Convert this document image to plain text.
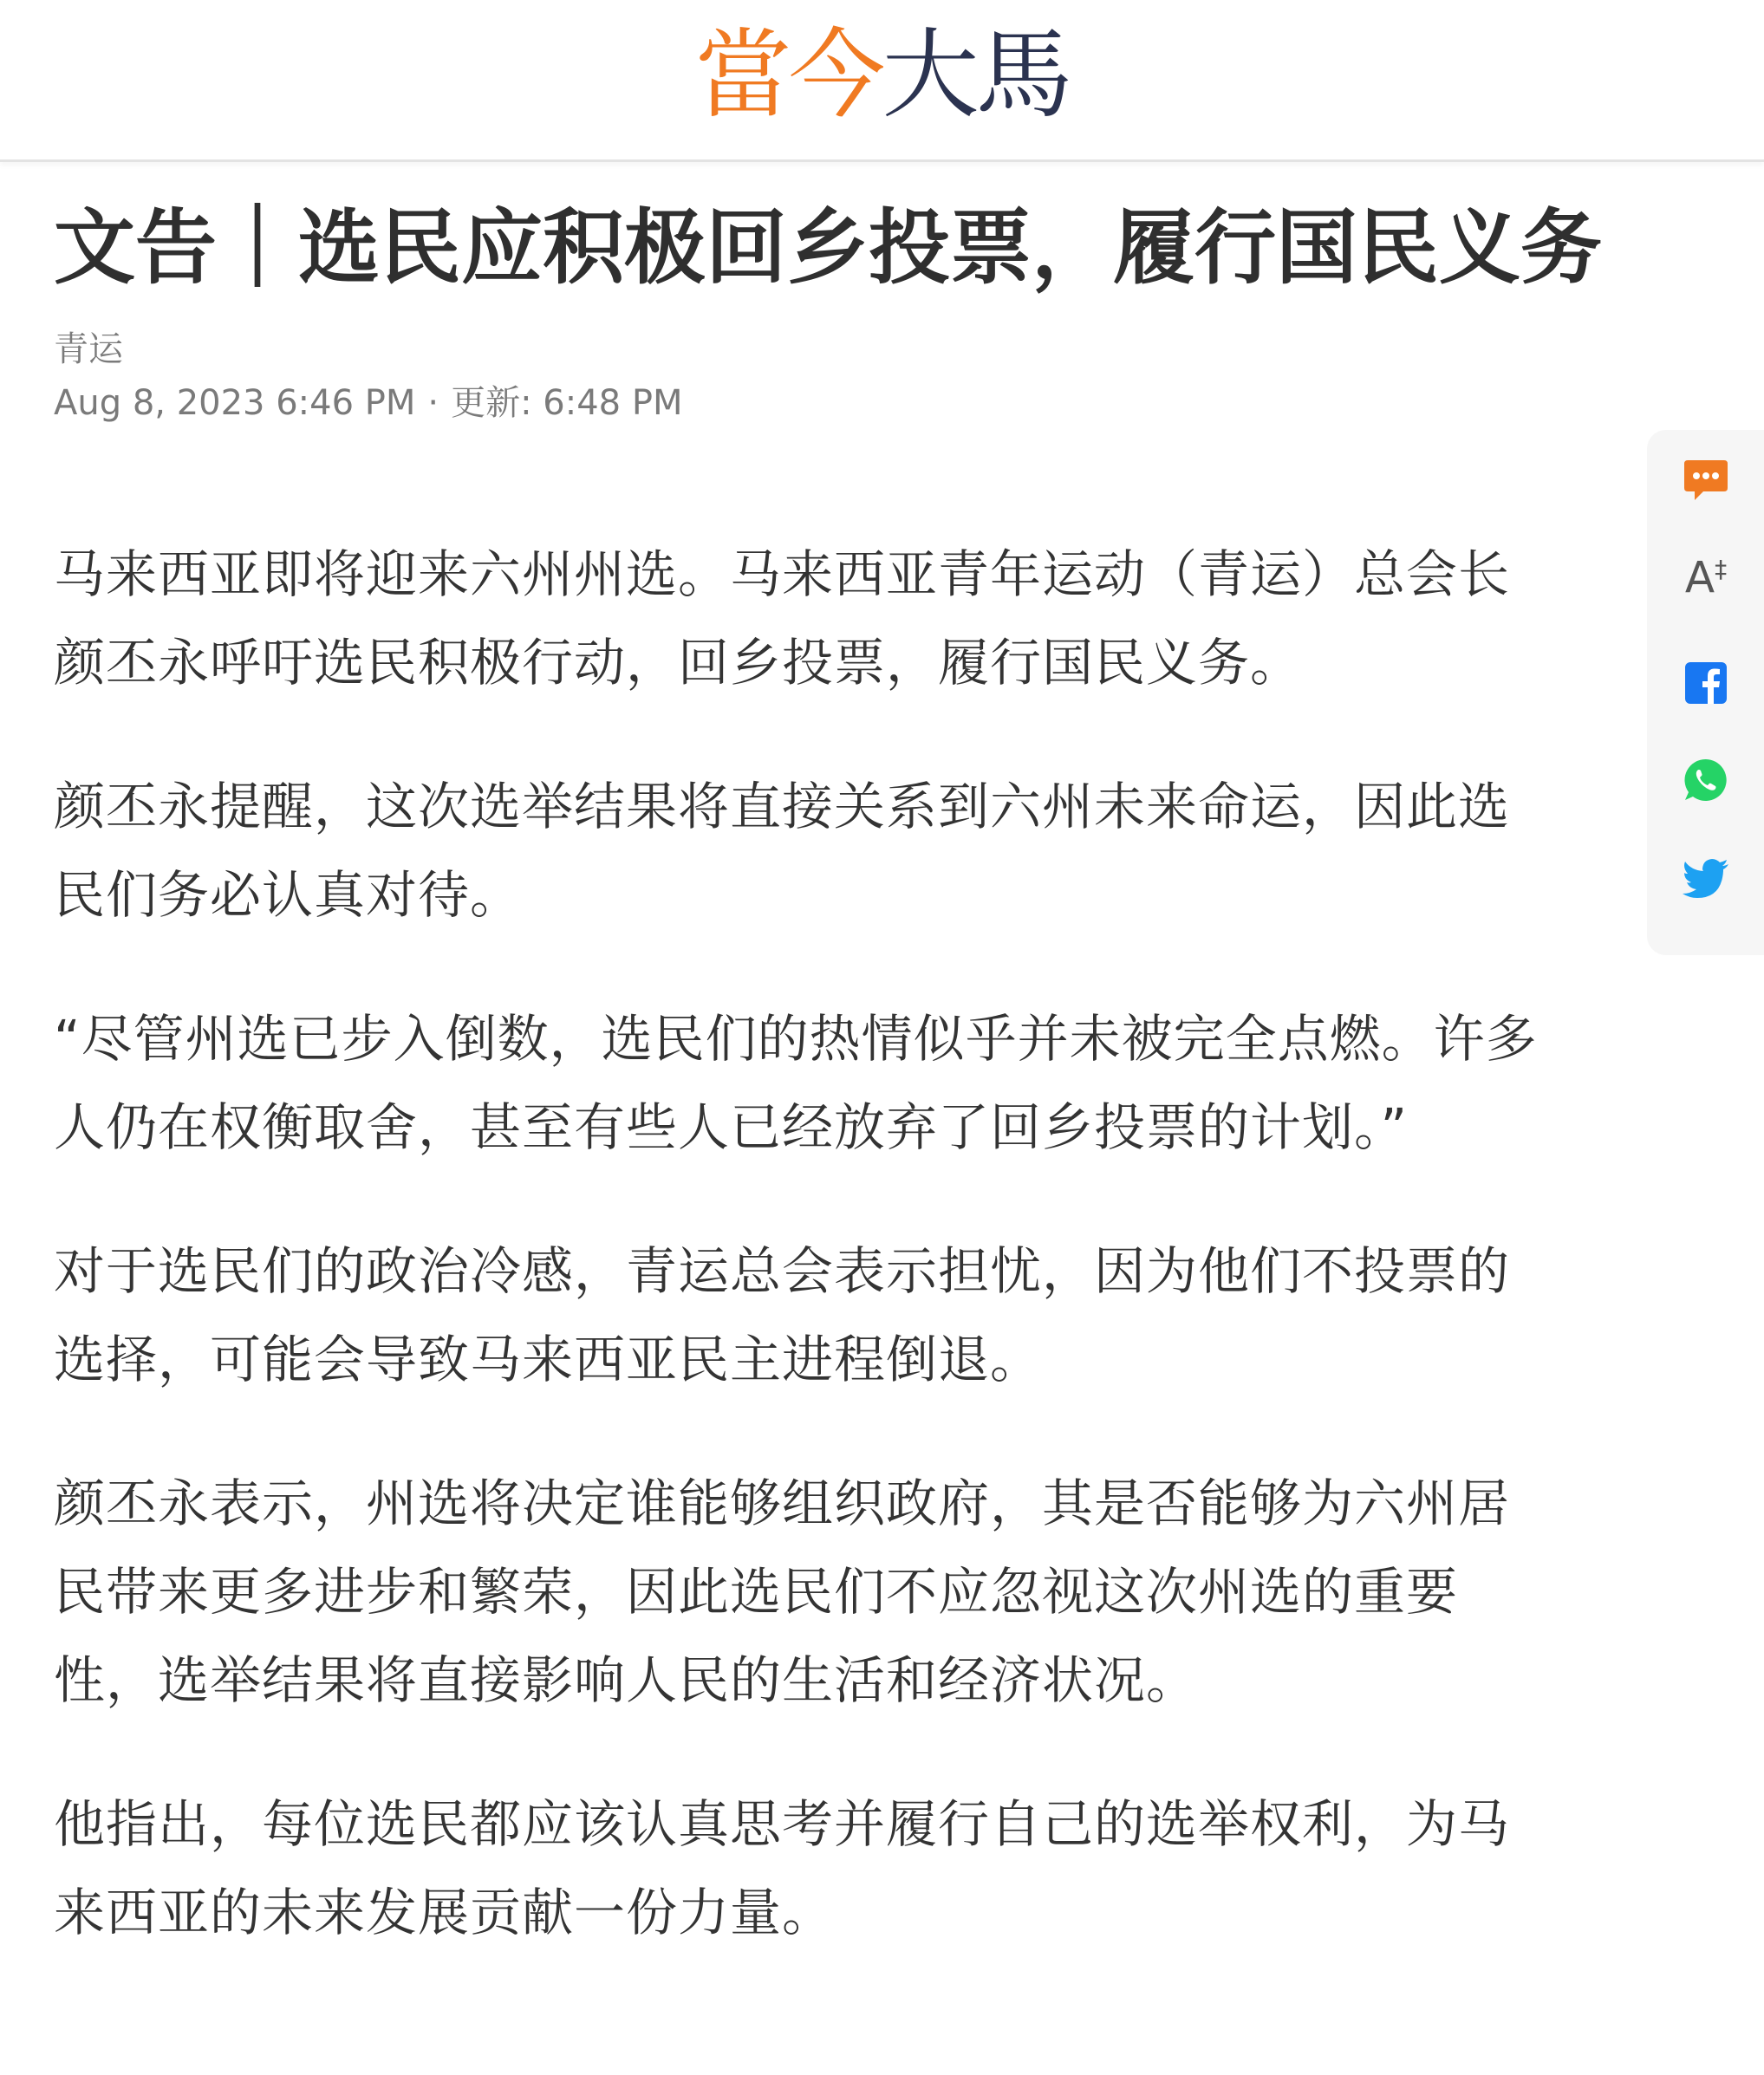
當今大馬
文告｜选民应积极回乡投票，履行国民义务
青运
Aug 8, 2023 6:46 PM · 更新: 6:48 PM

马来西亚即将迎来六州州选。马来西亚青年运动（青运）总会长颜丕永呼吁选民积极行动，回乡投票，履行国民义务。

颜丕永提醒，这次选举结果将直接关系到六州未来命运，因此选民们务必认真对待。

“尽管州选已步入倒数，选民们的热情似乎并未被完全点燃。许多人仍在权衡取舍，甚至有些人已经放弃了回乡投票的计划。”

对于选民们的政治冷感，青运总会表示担忧，因为他们不投票的选择，可能会导致马来西亚民主进程倒退。

颜丕永表示，州选将决定谁能够组织政府，其是否能够为六州居民带来更多进步和繁荣，因此选民们不应忽视这次州选的重要性，选举结果将直接影响人民的生活和经济状况。

他指出，每位选民都应该认真思考并履行自己的选举权利，为马来西亚的未来发展贡献一份力量。

A‡
